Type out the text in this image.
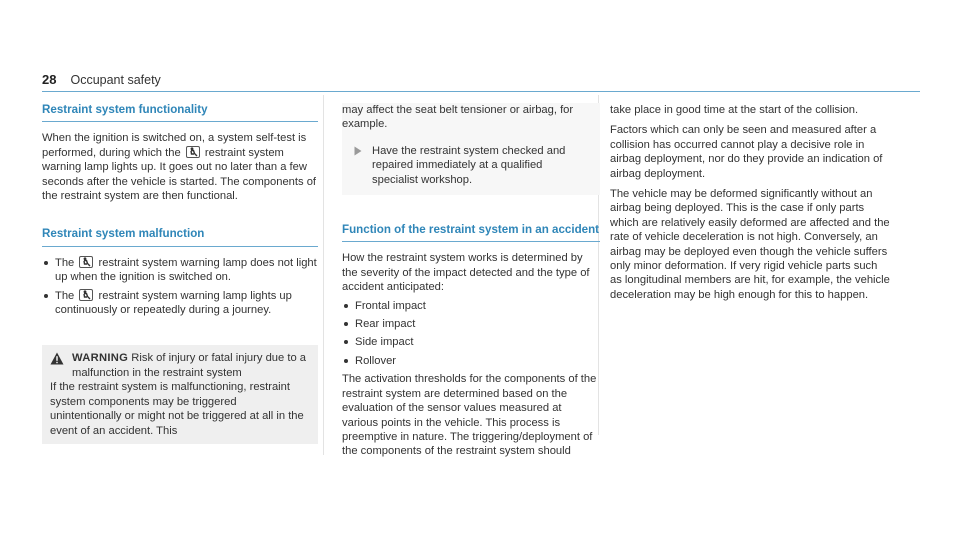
28 Occupant safety
Restraint system functionality

When the ignition is switched on, a system self-test is performed, during which the restraint system warning lamp lights up. It goes out no later than a few seconds after the vehicle is started. The components of the restraint system are then functional.

Restraint system malfunction
The restraint system warning lamp does not light up when the ignition is switched on.
The restraint system warning lamp lights up continuously or repeatedly during a journey.
WARNING Risk of injury or fatal injury due to a malfunction in the restraint system

If the restraint system is malfunctioning, restraint system components may be triggered unintentionally or might not be triggered at all in the event of an accident. This

may affect the seat belt tensioner or airbag, for example.

Have the restraint system checked and repaired immediately at a qualified specialist workshop.

Function of the restraint system in an accident

How the restraint system works is determined by the severity of the impact detected and the type of accident anticipated:

Frontal impact
Rear impact
Side impact
Rollover

The activation thresholds for the components of the restraint system are determined based on the evaluation of the sensor values measured at various points in the vehicle. This process is preemptive in nature. The triggering/deployment of the components of the restraint system should

take place in good time at the start of the collision.

Factors which can only be seen and measured after a collision has occurred cannot play a decisive role in airbag deployment, nor do they provide an indication of airbag deployment.

The vehicle may be deformed significantly without an airbag being deployed. This is the case if only parts which are relatively easily deformed are affected and the rate of vehicle deceleration is not high. Conversely, an airbag may be deployed even though the vehicle suffers only minor deformation. If very rigid vehicle parts such as longitudinal members are hit, for example, the vehicle deceleration may be high enough for this to happen.
